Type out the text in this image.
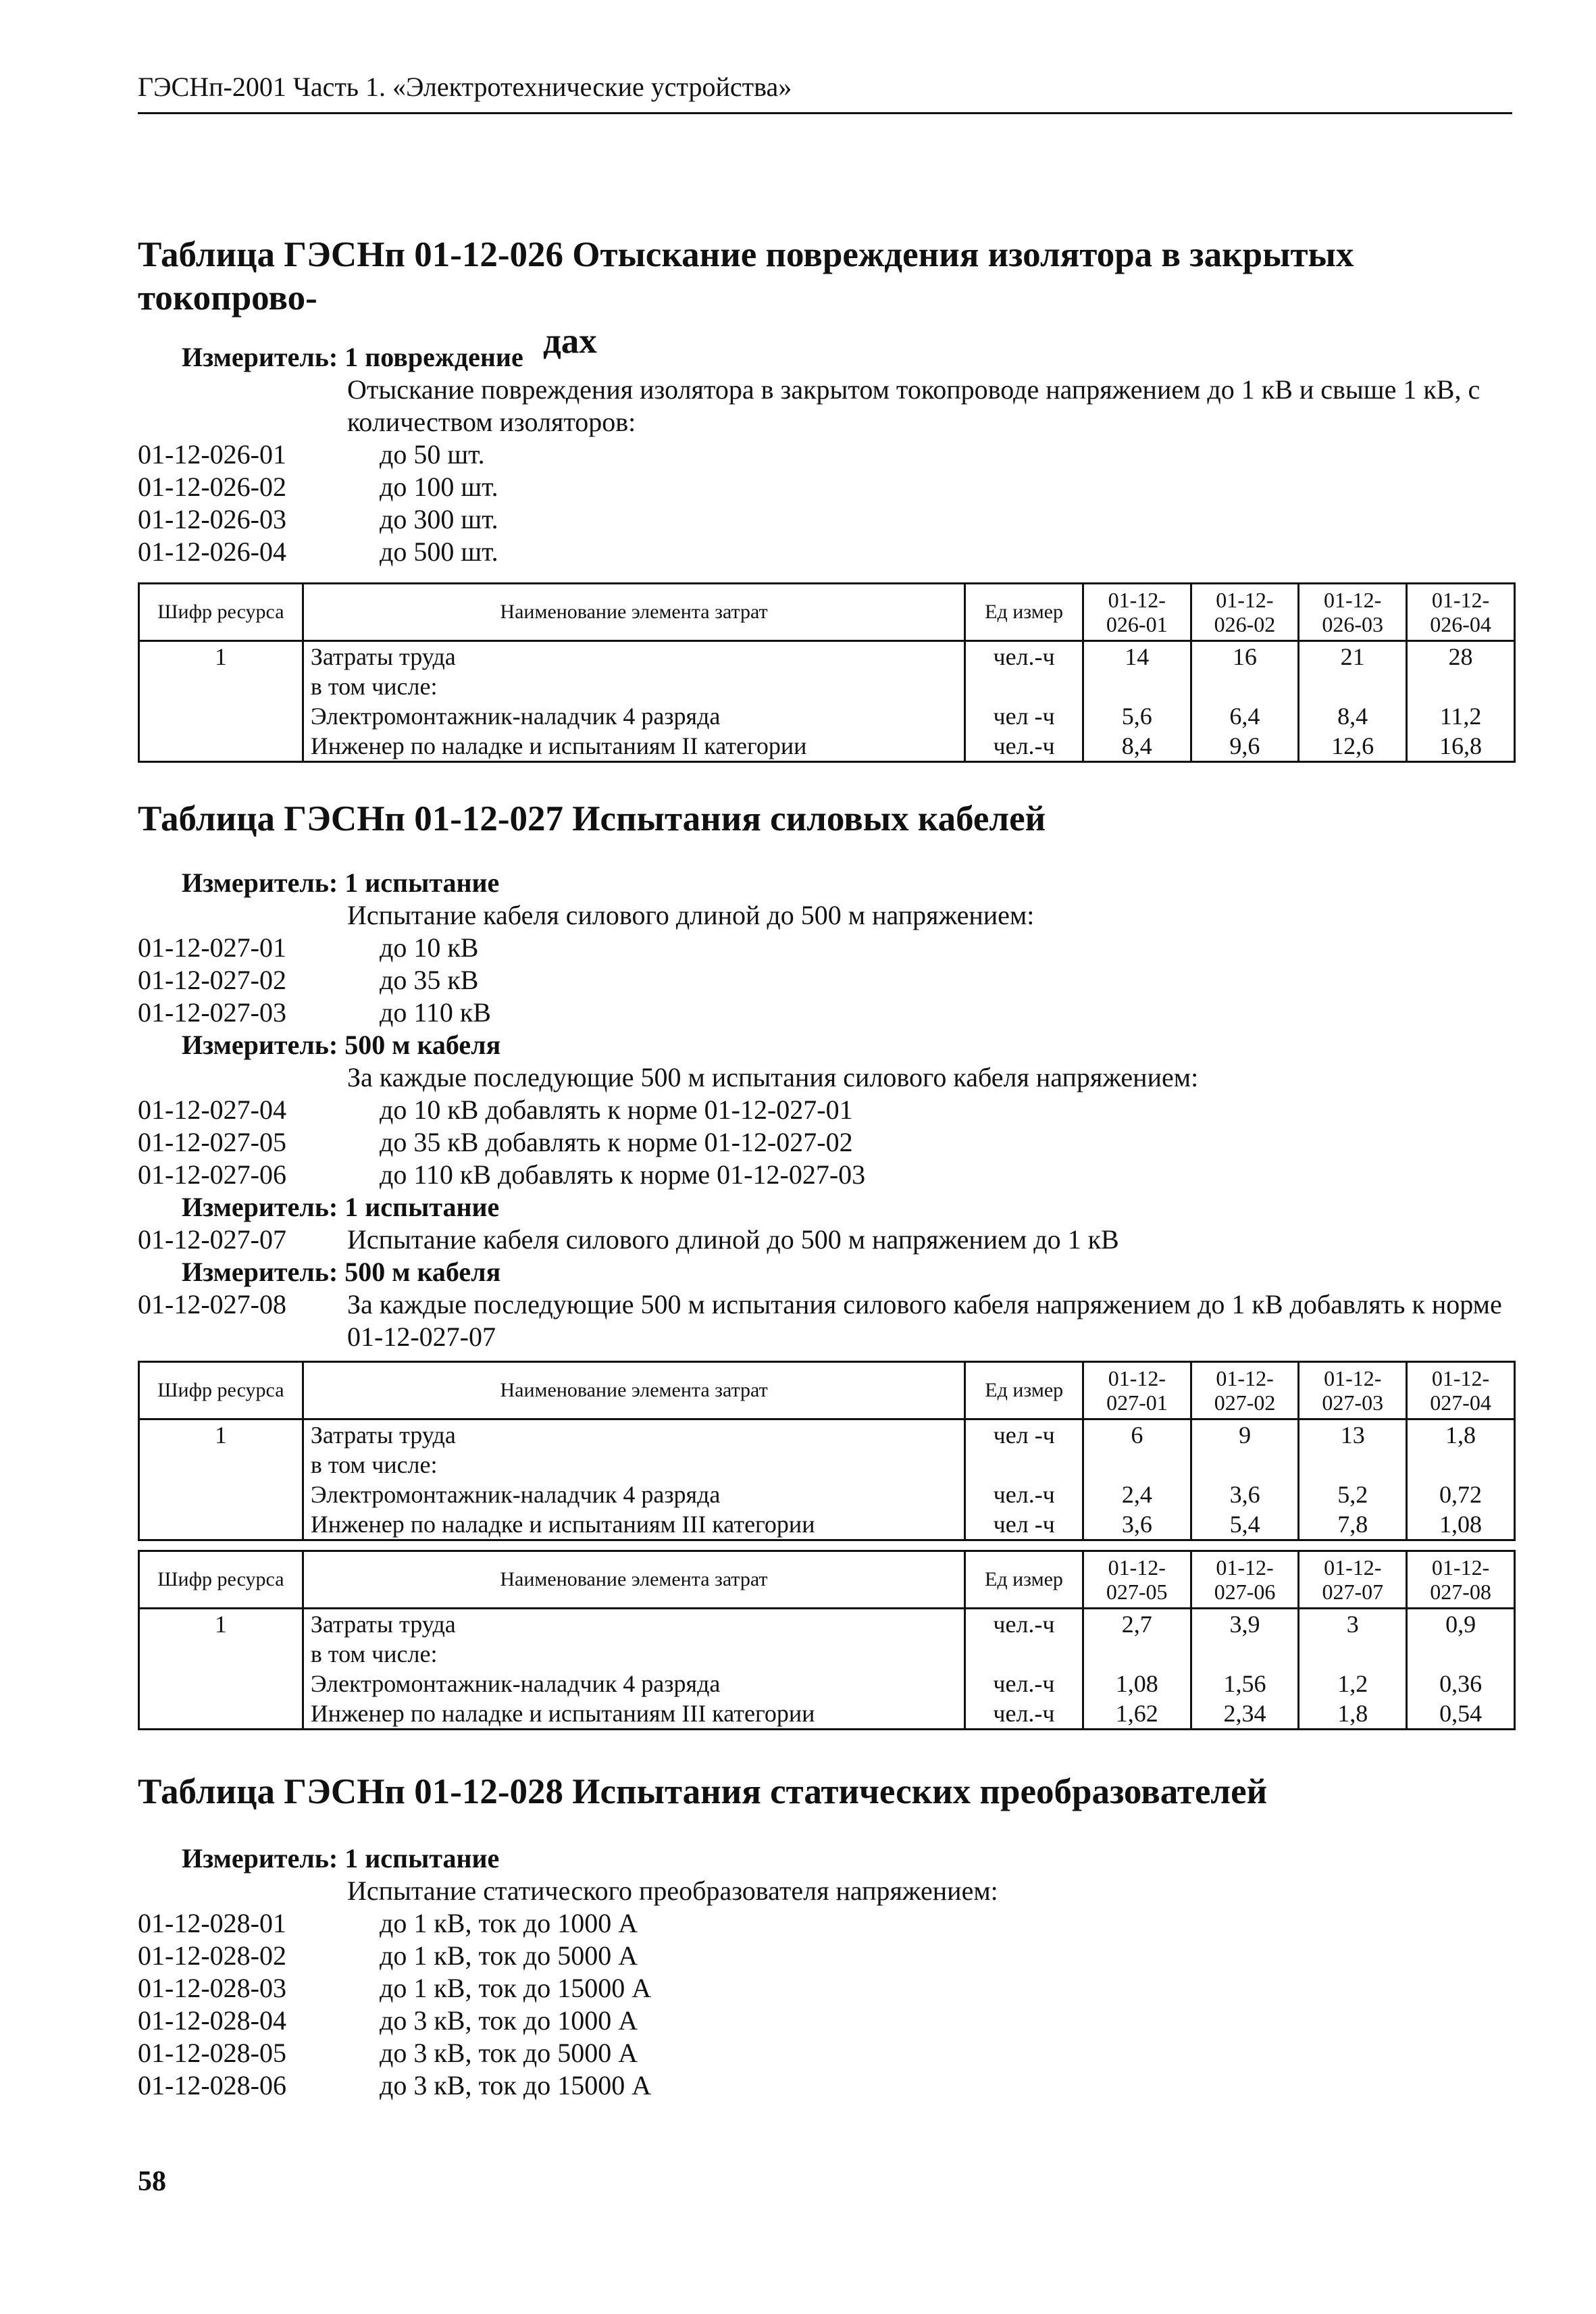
ГЭСНп-2001 Часть 1. «Электротехнические устройства»
Таблица ГЭСНп 01-12-026 Отыскание повреждения изолятора в закрытых токопрово-
дах
Измеритель: 1 повреждение
Отыскание повреждения изолятора в закрытом токопроводе напряжением до 1 кВ и свыше 1 кВ, с количеством изоляторов:
01-12-026-01	до 50 шт.
01-12-026-02	до 100 шт.
01-12-026-03	до 300 шт.
01-12-026-04	до 500 шт.
Шифр ресурса	Наименование элемента затрат	Ед измер	01-12-026-01	01-12-026-02	01-12-026-03	01-12-026-04
1	Затраты труда	чел.-ч	14	16	21	28
	в том числе:					
	Электромонтажник-наладчик 4 разряда	чел -ч	5,6	6,4	8,4	11,2
	Инженер по наладке и испытаниям II категории	чел.-ч	8,4	9,6	12,6	16,8
Таблица ГЭСНп 01-12-027 Испытания силовых кабелей
Измеритель: 1 испытание
Испытание кабеля силового длиной до 500 м напряжением:
01-12-027-01	до 10 кВ
01-12-027-02	до 35 кВ
01-12-027-03	до 110 кВ
Измеритель: 500 м кабеля
За каждые последующие 500 м испытания силового кабеля напряжением:
01-12-027-04	до 10 кВ добавлять к норме 01-12-027-01
01-12-027-05	до 35 кВ добавлять к норме 01-12-027-02
01-12-027-06	до 110 кВ добавлять к норме 01-12-027-03
Измеритель: 1 испытание
01-12-027-07	Испытание кабеля силового длиной до 500 м напряжением до 1 кВ
Измеритель: 500 м кабеля
01-12-027-08	За каждые последующие 500 м испытания силового кабеля напряжением до 1 кВ добавлять к норме 01-12-027-07
Шифр ресурса	Наименование элемента затрат	Ед измер	01-12-027-01	01-12-027-02	01-12-027-03	01-12-027-04
1	Затраты труда	чел -ч	6	9	13	1,8
	в том числе:					
	Электромонтажник-наладчик 4 разряда	чел.-ч	2,4	3,6	5,2	0,72
	Инженер по наладке и испытаниям III категории	чел -ч	3,6	5,4	7,8	1,08
Шифр ресурса	Наименование элемента затрат	Ед измер	01-12-027-05	01-12-027-06	01-12-027-07	01-12-027-08
1	Затраты труда	чел.-ч	2,7	3,9	3	0,9
	в том числе:					
	Электромонтажник-наладчик 4 разряда	чел.-ч	1,08	1,56	1,2	0,36
	Инженер по наладке и испытаниям III категории	чел.-ч	1,62	2,34	1,8	0,54
Таблица ГЭСНп 01-12-028 Испытания статических преобразователей
Измеритель: 1 испытание
Испытание статического преобразователя напряжением:
01-12-028-01	до 1 кВ, ток до 1000 А
01-12-028-02	до 1 кВ, ток до 5000 А
01-12-028-03	до 1 кВ, ток до 15000 А
01-12-028-04	до 3 кВ, ток до 1000 А
01-12-028-05	до 3 кВ, ток до 5000 А
01-12-028-06	до 3 кВ, ток до 15000 А
58
